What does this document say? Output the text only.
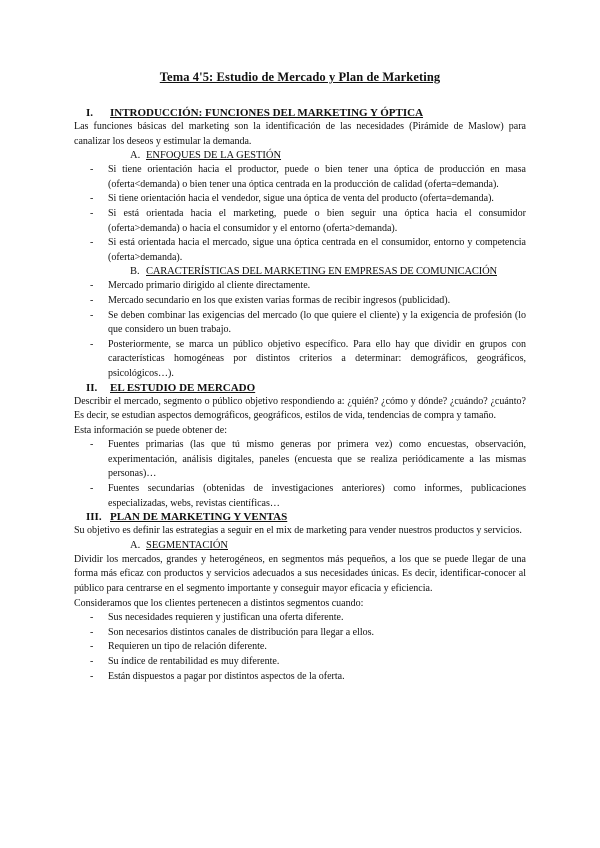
Tema 4'5: Estudio de Mercado y Plan de Marketing
I.	INTRODUCCIÓN: FUNCIONES DEL MARKETING Y ÓPTICA

Las funciones básicas del marketing son la identificación de las necesidades (Pirámide de Maslow) para canalizar los deseos y estimular la demanda.

A. ENFOQUES DE LA GESTIÓN
- Si tiene orientación hacia el productor, puede o bien tener una óptica de producción en masa (oferta<demanda) o bien tener una óptica centrada en la producción de calidad (oferta=demanda).
- Si tiene orientación hacia el vendedor, sigue una óptica de venta del producto (oferta=demanda).
- Si está orientada hacia el marketing, puede o bien seguir una óptica hacia el consumidor (oferta>demanda) o hacia el consumidor y el entorno (oferta>demanda).
- Si está orientada hacia el mercado, sigue una óptica centrada en el consumidor, entorno y competencia (oferta>demanda).
B. CARACTERÍSTICAS DEL MARKETING EN EMPRESAS DE COMUNICACIÓN
- Mercado primario dirigido al cliente directamente.
- Mercado secundario en los que existen varias formas de recibir ingresos (publicidad).
- Se deben combinar las exigencias del mercado (lo que quiere el cliente) y la exigencia de profesión (lo que considero un buen trabajo.
- Posteriormente, se marca un público objetivo específico. Para ello hay que dividir en grupos con características homogéneas por distintos criterios a determinar: demográficos, geográficos, psicológicos…).
II.	EL ESTUDIO DE MERCADO

Describir el mercado, segmento o público objetivo respondiendo a: ¿quién? ¿cómo y dónde? ¿cuándo? ¿cuánto? Es decir, se estudian aspectos demográficos, geográficos, estilos de vida, tendencias de compra y tamaño.

Esta información se puede obtener de:

- Fuentes primarias (las que tú mismo generas por primera vez) como encuestas, observación, experimentación, análisis digitales, paneles (encuesta que se realiza periódicamente a las mismas personas)…
- Fuentes secundarias (obtenidas de investigaciones anteriores) como informes, publicaciones especializadas, webs, revistas científicas…
III. PLAN DE MARKETING Y VENTAS

Su objetivo es definir las estrategias a seguir en el mix de marketing para vender nuestros productos y servicios.

A. SEGMENTACIÓN

Dividir los mercados, grandes y heterogéneos, en segmentos más pequeños, a los que se puede llegar de una forma más eficaz con productos y servicios adecuados a sus necesidades únicas. Es decir, identificar-conocer al público para centrarse en el segmento importante y conseguir mayor eficacia y eficiencia.

Consideramos que los clientes pertenecen a distintos segmentos cuando:

- Sus necesidades requieren y justifican una oferta diferente.
- Son necesarios distintos canales de distribución para llegar a ellos.
- Requieren un tipo de relación diferente.
- Su índice de rentabilidad es muy diferente.
- Están dispuestos a pagar por distintos aspectos de la oferta.
